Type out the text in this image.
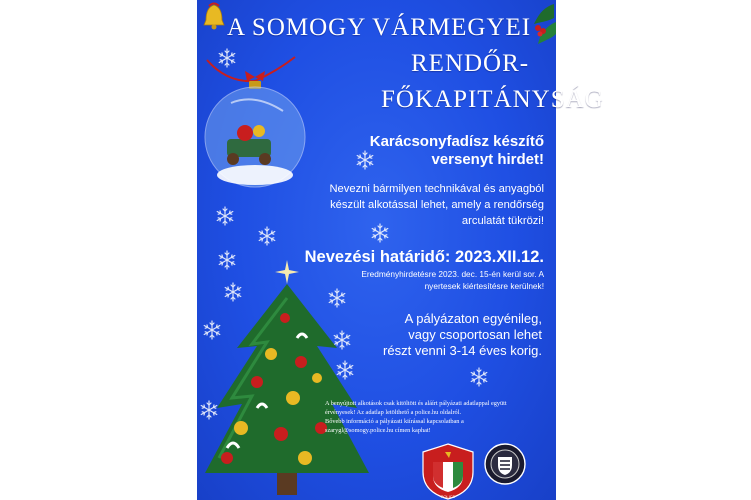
A SOMOGY VÁRMEGYEI
RENDŐR-
FŐKAPITÁNYSÁG
Karácsonyfadísz készítő
versenyt hirdet!
Nevezni bármilyen technikával és anyagból
készült alkotással lehet, amely a rendőrség
arculatát tükrözi!
Nevezési határidő: 2023.XII.12.
Eredményhirdetésre 2023. dec. 15-én kerül sor. A
nyertesek kiértesítésre kerülnek!
A pályázaton egyénileg,
vagy csoportosan lehet
részt venni 3-14 éves korig.
A benyújtott alkotások csak kitöltött és aláírt pályázati adatlappal együtt
érvényesek! Az adatlap letölthető a police.hu oldalról.
Bővebb információ a pályázati kiírással kapcsolatban a
szarygl@somogy.police.hu címen kaphat!
POLICE
